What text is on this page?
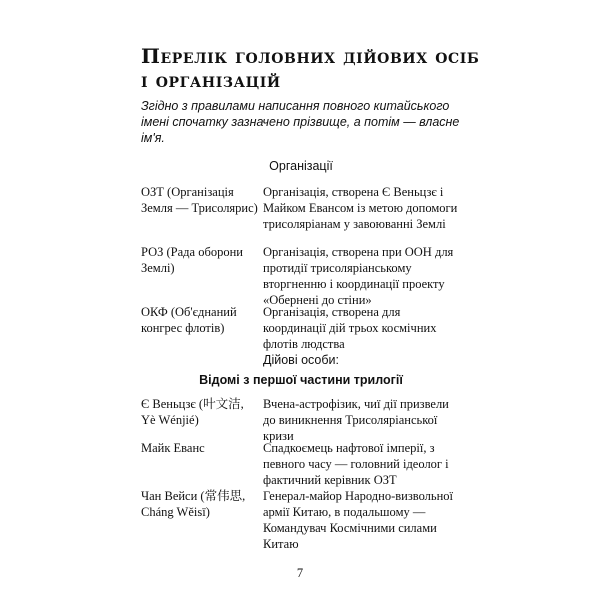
Перелік головних дійових осіб
і організацій
Згідно з правилами написання повного китайського імені спочатку зазначено прізвище, а потім — власне ім'я.
Організації
ОЗТ (Організація Земля — Трисолярис)
Організація, створена Є Веньцзє і Майком Евансом із метою допомоги трисоляріанам у завоюванні Землі
РОЗ (Рада оборони Землі)
Організація, створена при ООН для протидії трисоляріанському вторгненню і координації проекту «Обернені до стіни»
ОКФ (Об'єднаний конгрес флотів)
Організація, створена для координації дій трьох космічних флотів людства
Дійові особи:
Відомі з першої частини трилогії
Є Веньцзє (叶文洁, Yè Wénjié)
Вчена-астрофізик, чиї дії призвели до виникнення Трисоляріанської кризи
Майк Еванс	Спадкоємець нафтової імперії, з певного часу — головний ідеолог і фактичний керівник ОЗТ
Чан Вейси (常伟思, Cháng Wěisī)
Генерал-майор Народно-визвольної армії Китаю, в подальшому — Командувач Космічними силами Китаю
7
